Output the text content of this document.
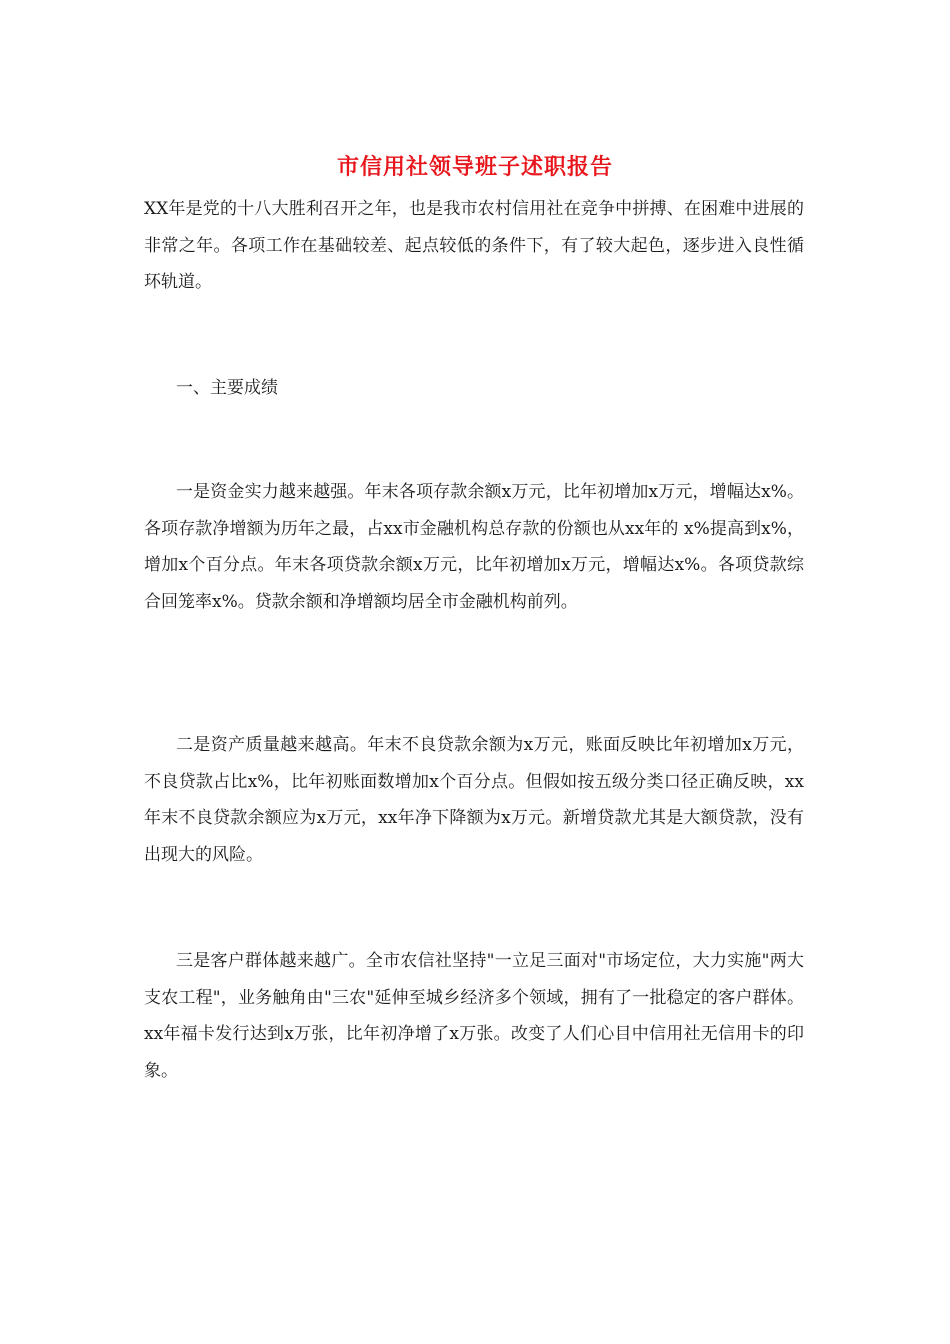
市信用社领导班子述职报告

XX年是党的十八大胜利召开之年，也是我市农村信用社在竞争中拼搏、在困难中进展的非常之年。各项工作在基础较差、起点较低的条件下，有了较大起色，逐步进入良性循环轨道。

一、主要成绩

一是资金实力越来越强。年末各项存款余额x万元，比年初增加x万元，增幅达x%。各项存款净增额为历年之最，占xx市金融机构总存款的份额也从xx年的 x%提高到x%，增加x个百分点。年末各项贷款余额x万元，比年初增加x万元，增幅达x%。各项贷款综合回笼率x%。贷款余额和净增额均居全市金融机构前列。

二是资产质量越来越高。年末不良贷款余额为x万元，账面反映比年初增加x万元，不良贷款占比x%，比年初账面数增加x个百分点。但假如按五级分类口径正确反映，xx年末不良贷款余额应为x万元，xx年净下降额为x万元。新增贷款尤其是大额贷款，没有出现大的风险。

三是客户群体越来越广。全市农信社坚持"一立足三面对"市场定位，大力实施"两大支农工程"，业务触角由"三农"延伸至城乡经济多个领域，拥有了一批稳定的客户群体。xx年福卡发行达到x万张，比年初净增了x万张。改变了人们心目中信用社无信用卡的印象。
